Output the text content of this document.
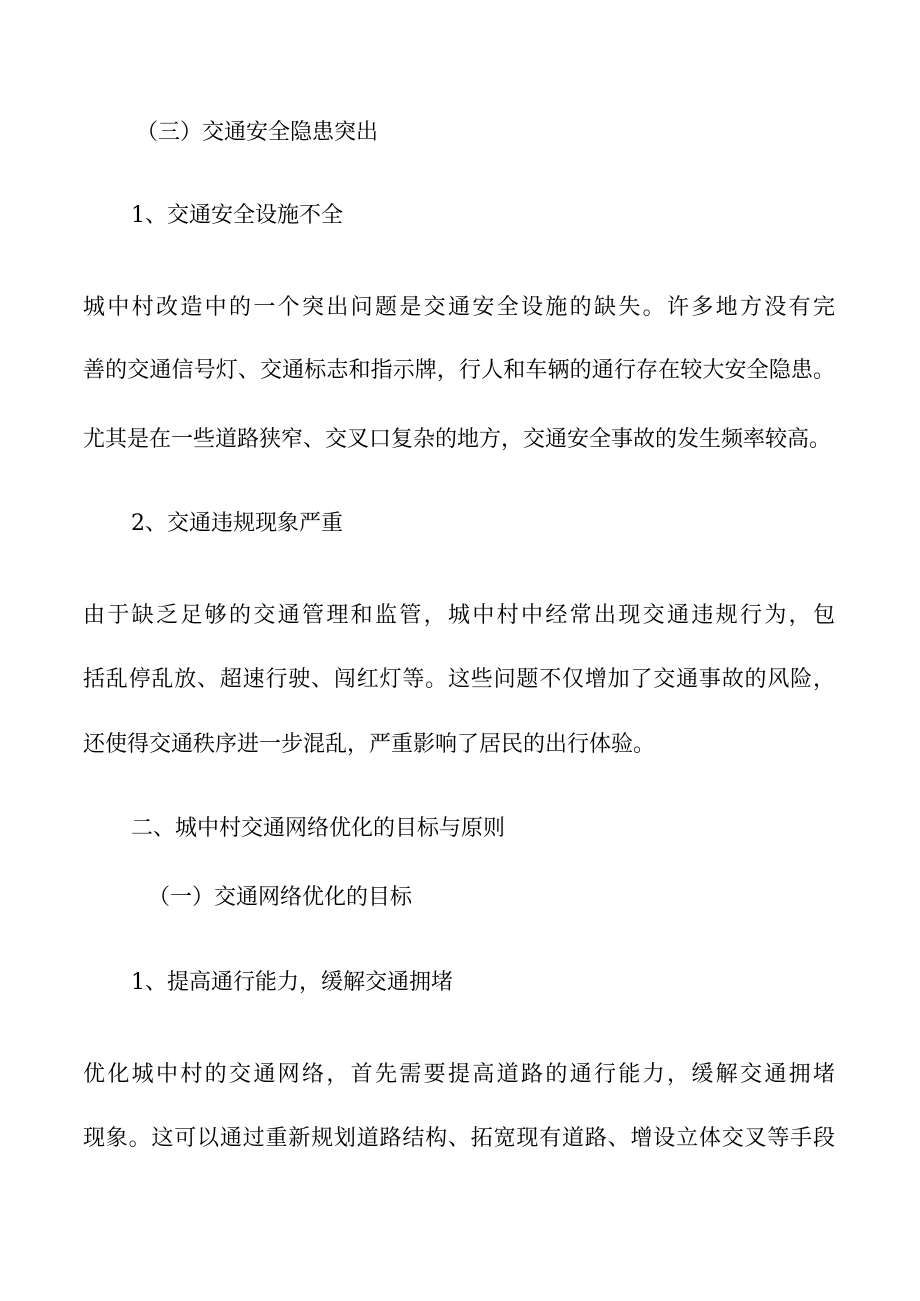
（三）交通安全隐患突出

1、交通安全设施不全

城中村改造中的一个突出问题是交通安全设施的缺失。许多地方没有完

善的交通信号灯、交通标志和指示牌，行人和车辆的通行存在较大安全隐患。

尤其是在一些道路狭窄、交叉口复杂的地方，交通安全事故的发生频率较高。

2、交通违规现象严重

由于缺乏足够的交通管理和监管，城中村中经常出现交通违规行为，包

括乱停乱放、超速行驶、闯红灯等。这些问题不仅增加了交通事故的风险，

还使得交通秩序进一步混乱，严重影响了居民的出行体验。

二、城中村交通网络优化的目标与原则

（一）交通网络优化的目标

1、提高通行能力，缓解交通拥堵

优化城中村的交通网络，首先需要提高道路的通行能力，缓解交通拥堵

现象。这可以通过重新规划道路结构、拓宽现有道路、增设立体交叉等手段
